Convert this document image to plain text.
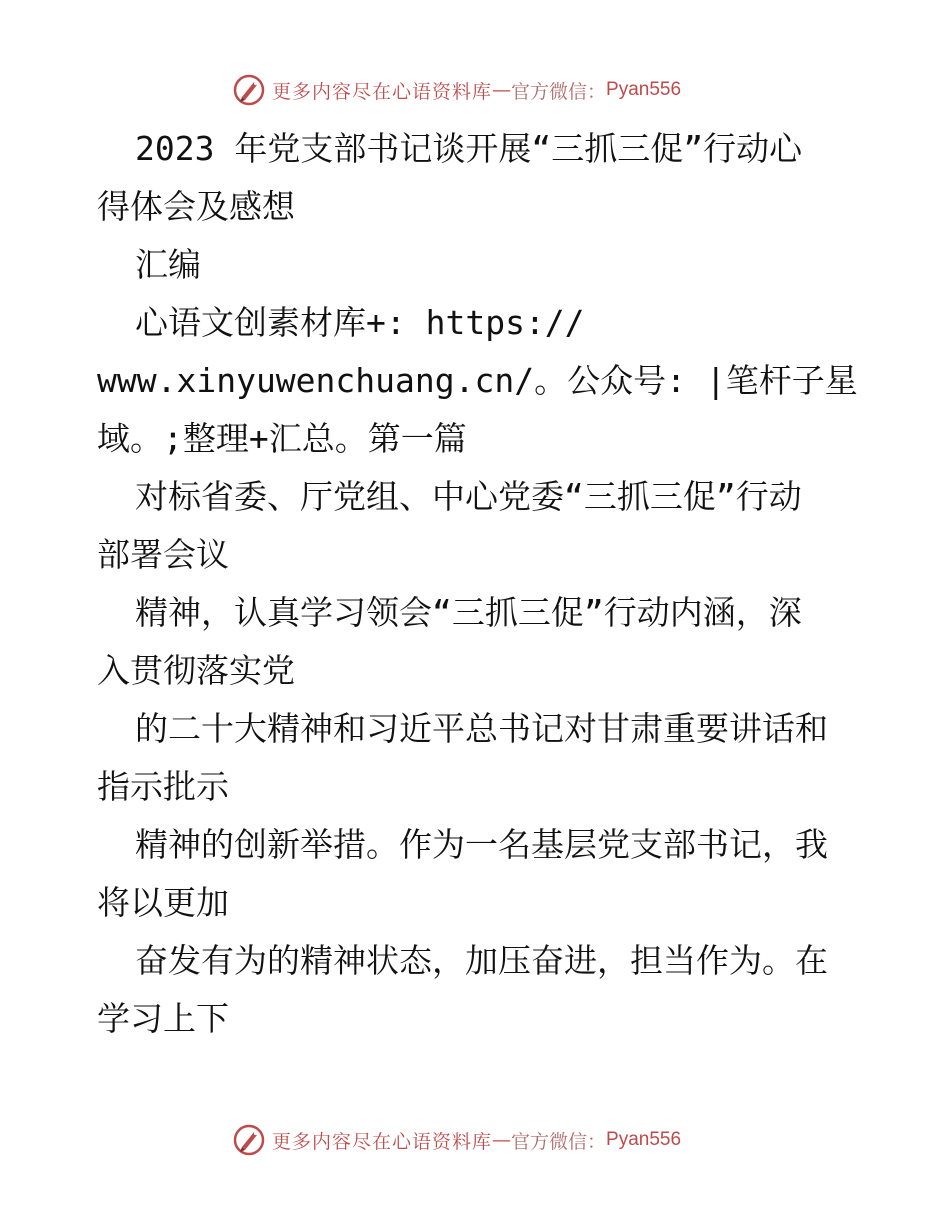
更多内容尽在心语资料库 — 官方微信： Pyan556
2023 年党支部书记谈开展“三抓三促”行动心
得体会及感想
汇编
心语文创素材库+: https://
www.xinyuwenchuang.cn/。公众号: |笔杆子星
域。;整理+汇总。第一篇
对标省委、厅党组、中心党委“三抓三促”行动
部署会议
精神，认真学习领会“三抓三促”行动内涵，深
入贯彻落实党
的二十大精神和习近平总书记对甘肃重要讲话和
指示批示
精神的创新举措。作为一名基层党支部书记，我
将以更加
奋发有为的精神状态，加压奋进，担当作为。在
学习上下
更多内容尽在心语资料库 — 官方微信： Pyan556
